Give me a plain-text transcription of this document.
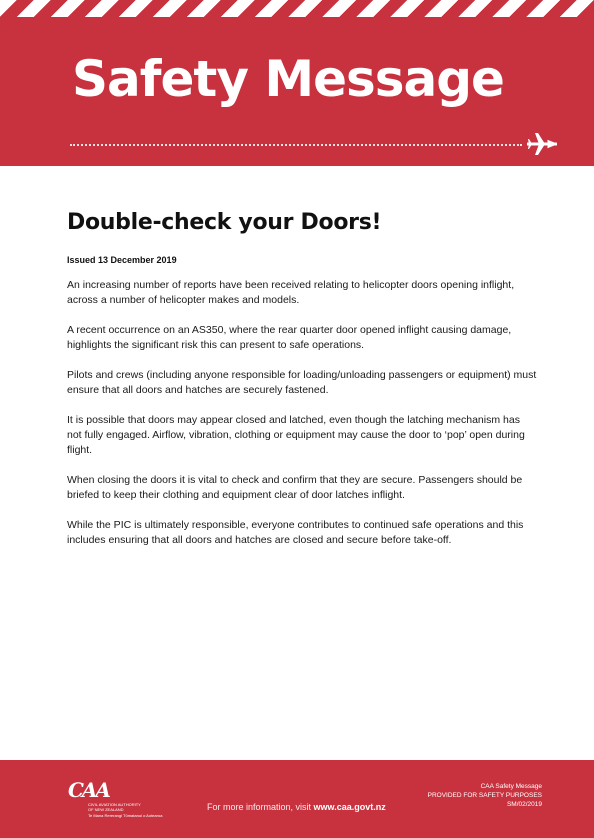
Safety Message
Double-check your Doors!

Issued 13 December 2019

An increasing number of reports have been received relating to helicopter doors opening inflight, across a number of helicopter makes and models.

A recent occurrence on an AS350, where the rear quarter door opened inflight causing damage, highlights the significant risk this can present to safe operations.

Pilots and crews (including anyone responsible for loading/unloading passengers or equipment) must ensure that all doors and hatches are securely fastened.

It is possible that doors may appear closed and latched, even though the latching mechanism has not fully engaged. Airflow, vibration, clothing or equipment may cause the door to ‘pop’ open during flight.

When closing the doors it is vital to check and confirm that they are secure. Passengers should be briefed to keep their clothing and equipment clear of door latches inflight.

While the PIC is ultimately responsible, everyone contributes to continued safe operations and this includes ensuring that all doors and hatches are closed and secure before take-off.

CAA
CIVIL AVIATION AUTHORITY
OF NEW ZEALAND
Te Mana Rererangi Tūmatanui o Aotearoa
For more information, visit www.caa.govt.nz
CAA Safety Message
PROVIDED FOR SAFETY PURPOSES
SM/02/2019
